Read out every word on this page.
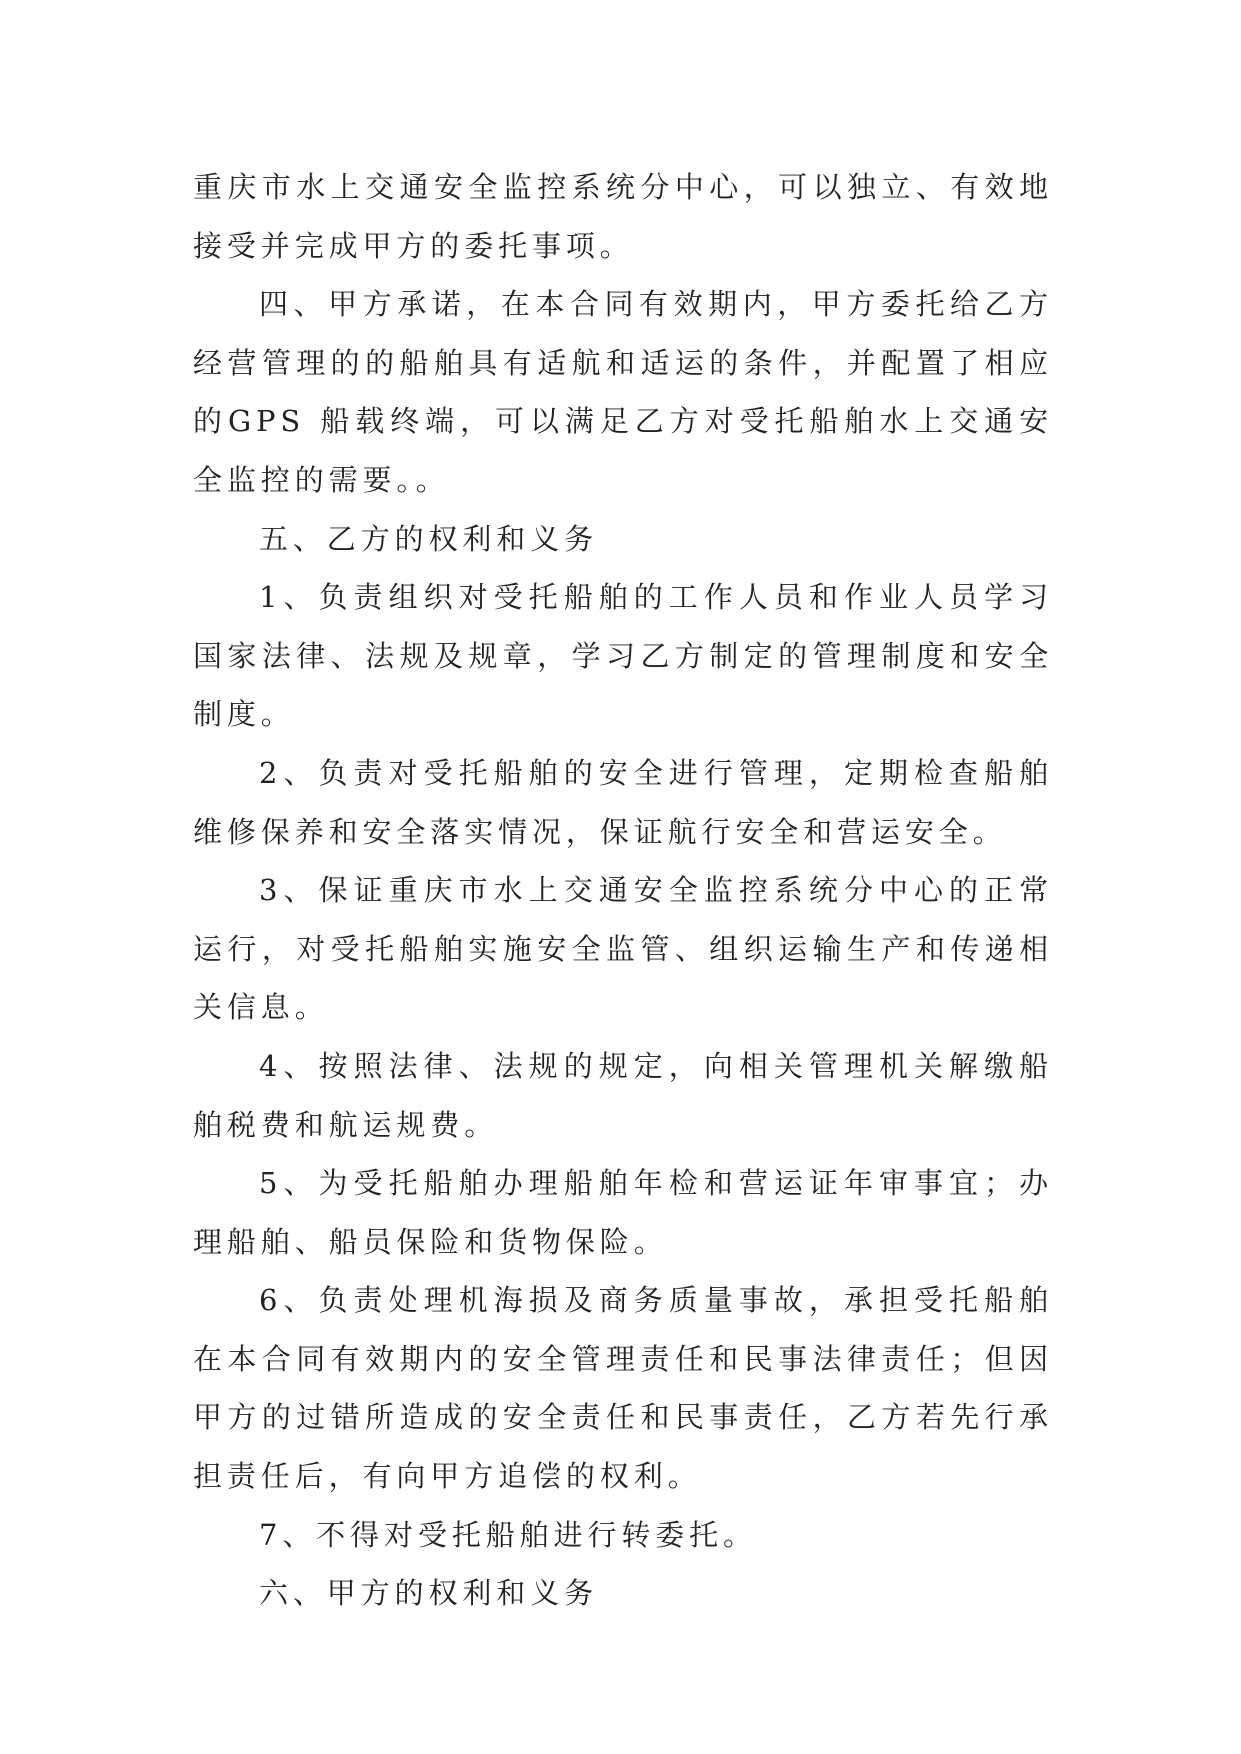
重庆市水上交通安全监控系统分中心，可以独立、有效地接受并完成甲方的委托事项。

四、甲方承诺，在本合同有效期内，甲方委托给乙方经营管理的的船舶具有适航和适运的条件，并配置了相应的GPS 船载终端，可以满足乙方对受托船舶水上交通安全监控的需要。。

五、乙方的权利和义务

1、负责组织对受托船舶的工作人员和作业人员学习国家法律、法规及规章，学习乙方制定的管理制度和安全制度。

2、负责对受托船舶的安全进行管理，定期检查船舶维修保养和安全落实情况，保证航行安全和营运安全。

3、保证重庆市水上交通安全监控系统分中心的正常运行，对受托船舶实施安全监管、组织运输生产和传递相关信息。

4、按照法律、法规的规定，向相关管理机关解缴船舶税费和航运规费。

5、为受托船舶办理船舶年检和营运证年审事宜；办理船舶、船员保险和货物保险。

6、负责处理机海损及商务质量事故，承担受托船舶在本合同有效期内的安全管理责任和民事法律责任；但因甲方的过错所造成的安全责任和民事责任，乙方若先行承担责任后，有向甲方追偿的权利。

7、不得对受托船舶进行转委托。

六、甲方的权利和义务
